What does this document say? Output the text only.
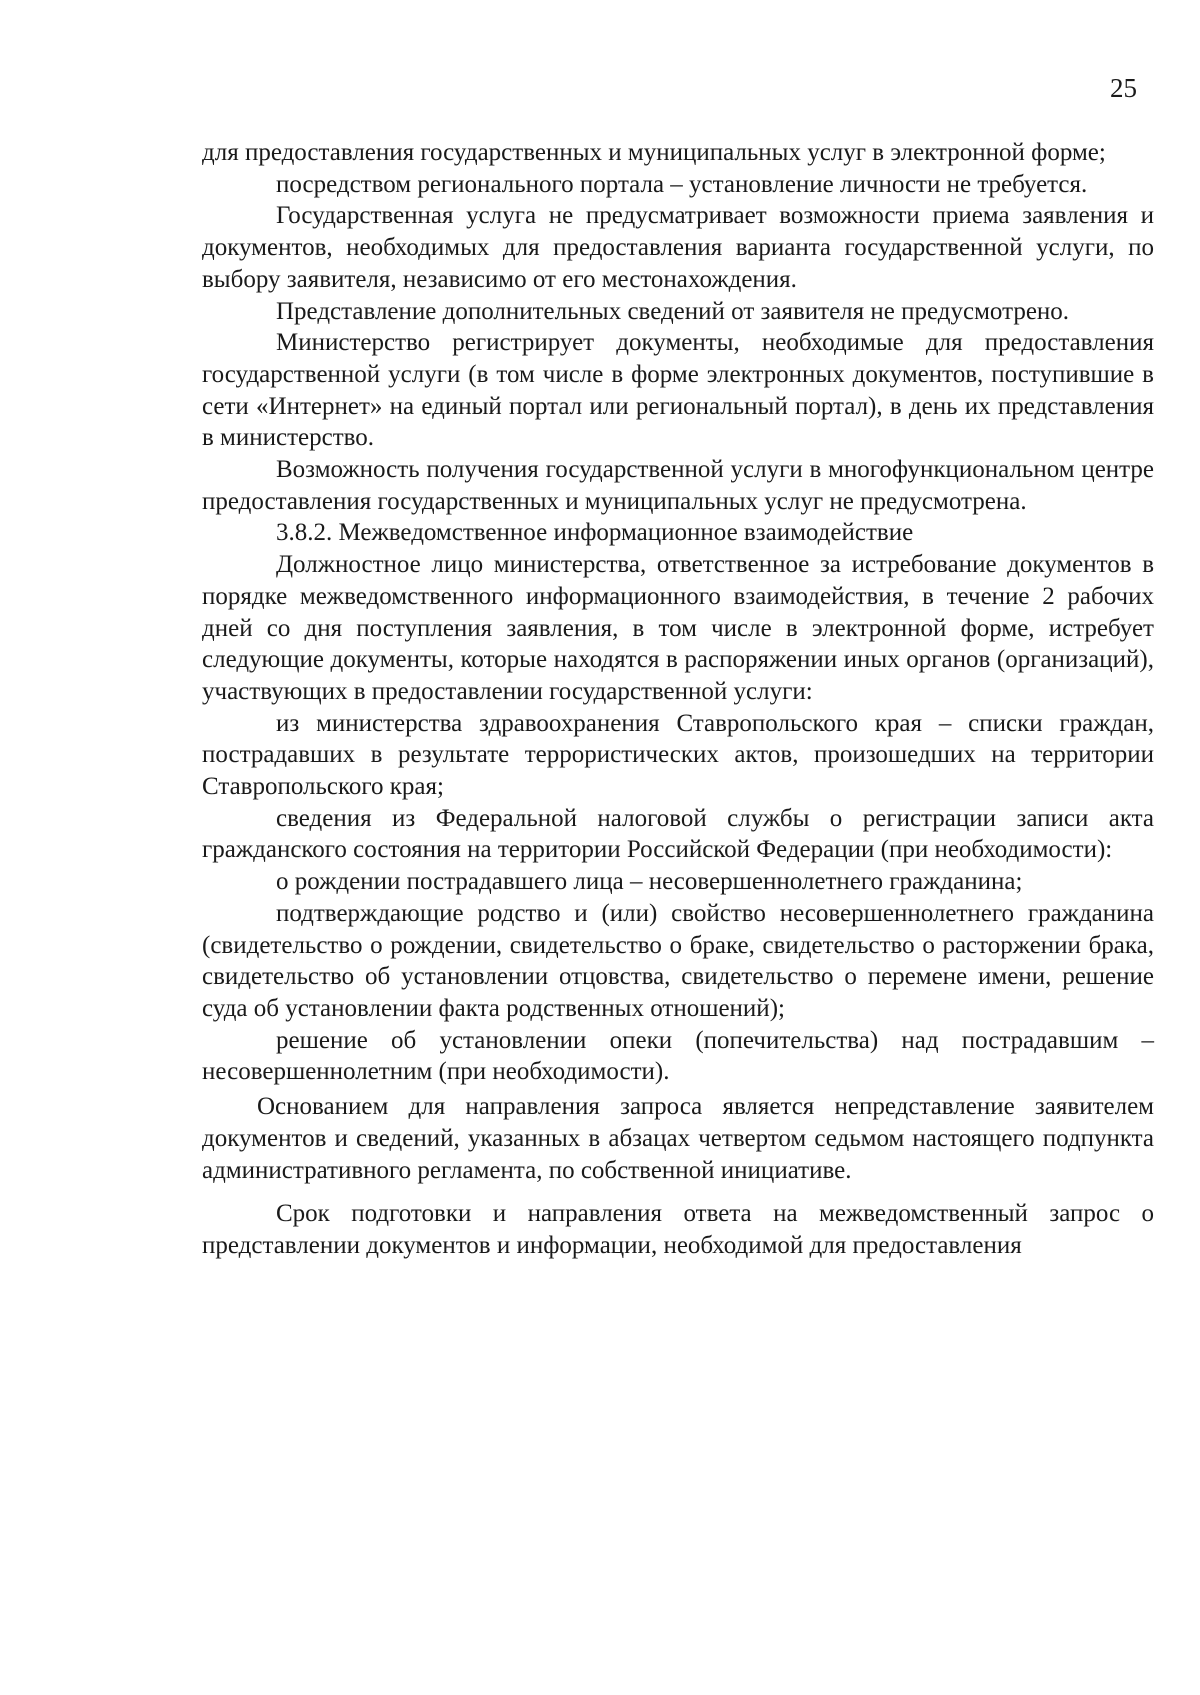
25

для предоставления государственных и муниципальных услуг в электронной форме;

посредством регионального портала – установление личности не требуется.

Государственная услуга не предусматривает возможности приема заявления и документов, необходимых для предоставления варианта государственной услуги, по выбору заявителя, независимо от его местонахождения.

Представление дополнительных сведений от заявителя не предусмотрено.

Министерство регистрирует документы, необходимые для предоставления государственной услуги (в том числе в форме электронных документов, поступившие в сети «Интернет» на единый портал или региональный портал), в день их представления в министерство.

Возможность получения государственной услуги в многофункциональном центре предоставления государственных и муниципальных услуг не предусмотрена.

3.8.2. Межведомственное информационное взаимодействие

Должностное лицо министерства, ответственное за истребование документов в порядке межведомственного информационного взаимодействия, в течение 2 рабочих дней со дня поступления заявления, в том числе в электронной форме, истребует следующие документы, которые находятся в распоряжении иных органов (организаций), участвующих в предоставлении государственной услуги:

из министерства здравоохранения Ставропольского края – списки граждан, пострадавших в результате террористических актов, произошедших на территории Ставропольского края;

сведения из Федеральной налоговой службы о регистрации записи акта гражданского состояния на территории Российской Федерации (при необходимости):

о рождении пострадавшего лица – несовершеннолетнего гражданина;

подтверждающие родство и (или) свойство несовершеннолетнего гражданина (свидетельство о рождении, свидетельство о браке, свидетельство о расторжении брака, свидетельство об установлении отцовства, свидетельство о перемене имени, решение суда об установлении факта родственных отношений);

решение об установлении опеки (попечительства) над пострадавшим – несовершеннолетним (при необходимости).

Основанием для направления запроса является непредставление заявителем документов и сведений, указанных в абзацах четвертом седьмом настоящего подпункта административного регламента, по собственной инициативе.

Срок подготовки и направления ответа на межведомственный запрос о представлении документов и информации, необходимой для предоставления
